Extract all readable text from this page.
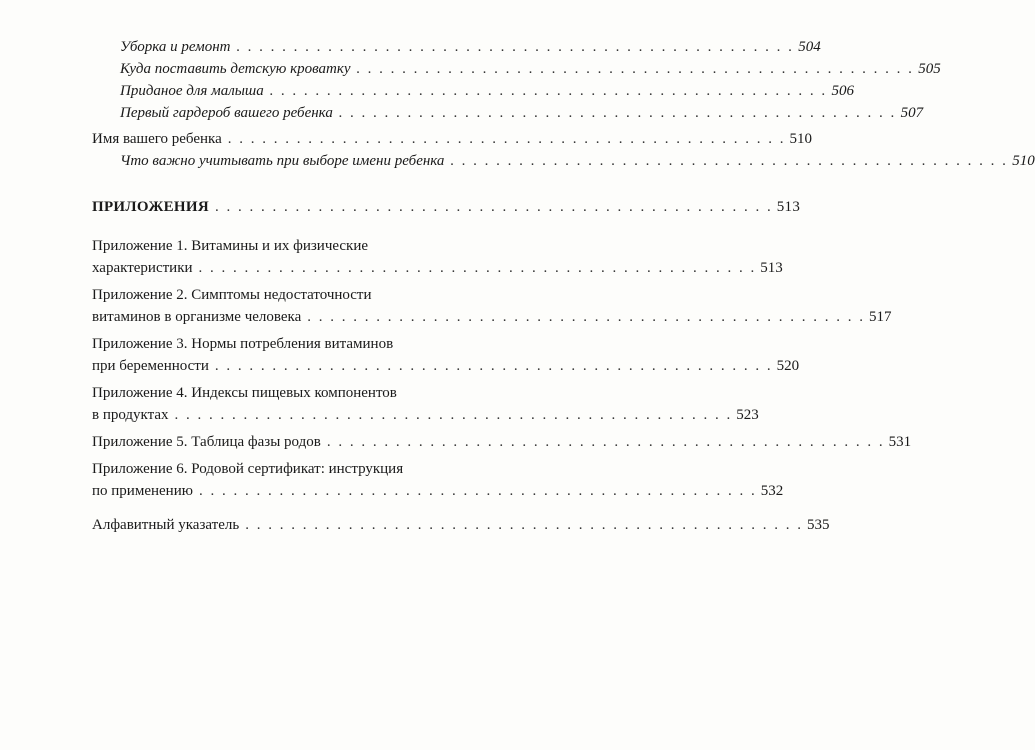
Уборка и ремонт . . . . . . . . . . . . . . . . . . . . . . . . . . . . . . . . . . . . . . . . . . . . . . . . . 504
Куда поставить детскую кроватку . . . . . . . . . . . . . . . . . . . . . . . . . . . . . . . . . . . . . . . . . . . . . . . . . 505
Приданое для малыша . . . . . . . . . . . . . . . . . . . . . . . . . . . . . . . . . . . . . . . . . . . . . . . . . 506
Первый гардероб вашего ребенка . . . . . . . . . . . . . . . . . . . . . . . . . . . . . . . . . . . . . . . . . . . . . . . . . 507
Имя вашего ребенка . . . . . . . . . . . . . . . . . . . . . . . . . . . . . . . . . . . . . . . . . . . . . . . . . 510
Что важно учитывать при выборе имени ребенка . . . . . . . . . . . . . . . . . . . . . . . . . . . . . . . . . . . . . . . . . . . . . . . . . 510
ПРИЛОЖЕНИЯ . . . . . . . . . . . . . . . . . . . . . . . . . . . . . . . . . . . . . . . . . . . . . . . . . 513
Приложение 1. Витамины и их физические
характеристики . . . . . . . . . . . . . . . . . . . . . . . . . . . . . . . . . . . . . . . . . . . . . . . . . 513
Приложение 2. Симптомы недостаточности
витаминов в организме человека . . . . . . . . . . . . . . . . . . . . . . . . . . . . . . . . . . . . . . . . . . . . . . . . . 517
Приложение 3. Нормы потребления витаминов
при беременности . . . . . . . . . . . . . . . . . . . . . . . . . . . . . . . . . . . . . . . . . . . . . . . . . 520
Приложение 4. Индексы пищевых компонентов
в продуктах . . . . . . . . . . . . . . . . . . . . . . . . . . . . . . . . . . . . . . . . . . . . . . . . . 523
Приложение 5. Таблица фазы родов . . . . . . . . . . . . . . . . . . . . . . . . . . . . . . . . . . . . . . . . . . . . . . . . . 531
Приложение 6. Родовой сертификат: инструкция
по применению . . . . . . . . . . . . . . . . . . . . . . . . . . . . . . . . . . . . . . . . . . . . . . . . . 532
Алфавитный указатель . . . . . . . . . . . . . . . . . . . . . . . . . . . . . . . . . . . . . . . . . . . . . . . . . 535
